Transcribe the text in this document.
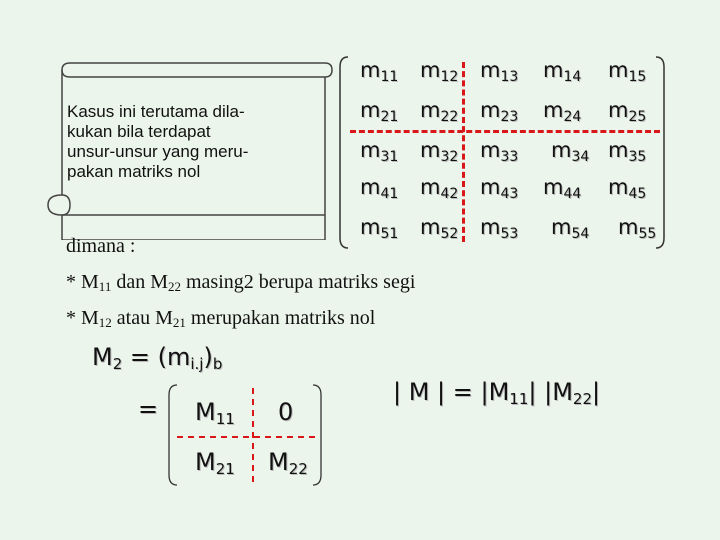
Kasus ini terutama dila-
kukan bila terdapat
unsur-unsur yang meru-
pakan matriks nol
$m_{11}$ $m_{12}$ $m_{13}$ $m_{14}$ $m_{15}$
$m_{21}$ $m_{22}$ $m_{23}$ $m_{24}$ $m_{25}$
$m_{31}$ $m_{32}$ $m_{33}$ $m_{34}$ $m_{35}$
$m_{41}$ $m_{42}$ $m_{43}$ $m_{44}$ $m_{45}$
$m_{51}$ $m_{52}$ $m_{53}$ $m_{54}$ $m_{55}$
dimana :
* $M_{11}$ dan $M_{22}$ masing2 berupa matriks segi
* $M_{12}$ atau $M_{21}$ merupakan matriks nol
$M_2 = (m_{i.j})_b$
= $M_{11}$ 0
$M_{21}$ $M_{22}$
| M | = $|M_{11}|$ $|M_{22}|$
